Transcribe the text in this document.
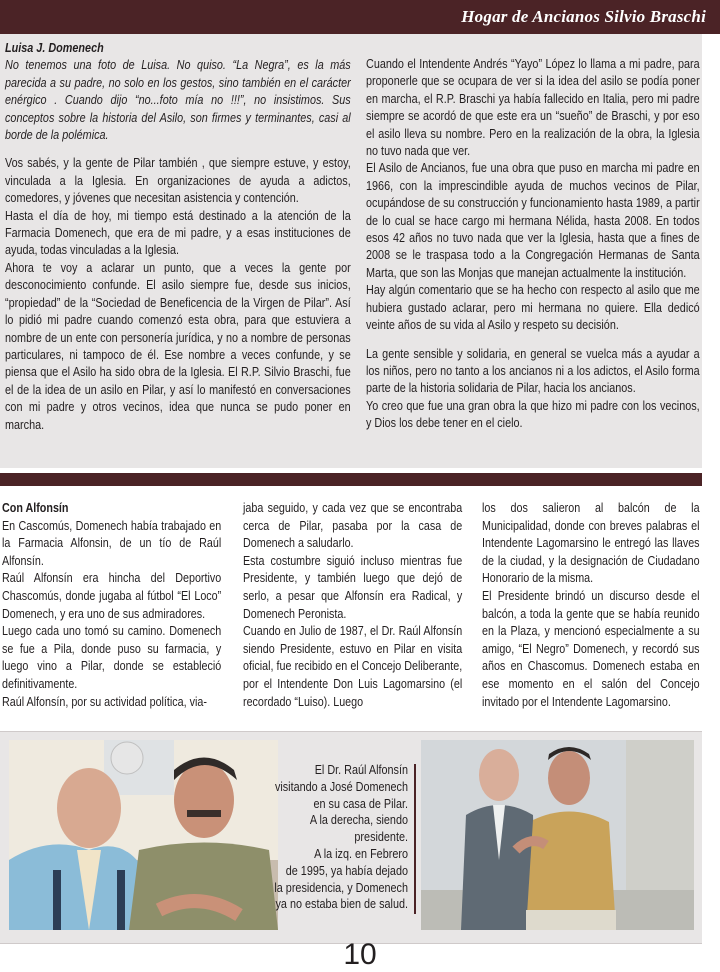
Hogar de Ancianos Silvio Braschi

Luisa J. Domenech

No tenemos una foto de Luisa. No quiso. “La Negra”, es la más parecida a su padre, no solo en los gestos, sino también en el carácter enérgico . Cuando dijo “no...foto mía no !!!”, no insistimos. Sus conceptos sobre la historia del Asilo, son firmes y terminantes, casi al borde de la polémica.

Vos sabés, y la gente de Pilar también , que siempre estuve, y estoy, vinculada a la Iglesia. En organizaciones de ayuda a adictos, comedores, y jóvenes que necesitan asistencia y contención.

Hasta el día de hoy, mi tiempo está destinado a la atención de la Farmacia Domenech, que era de mi padre, y a esas instituciones de ayuda, todas vinculadas a la Iglesia.

Ahora te voy a aclarar un punto, que a veces la gente por desconocimiento confunde. El asilo siempre fue, desde sus inicios, “propiedad” de la “Sociedad de Beneficencia de la Virgen de Pilar”. Así lo pidió mi padre cuando comenzó esta obra, para que estuviera a nombre de un ente con personería jurídica, y no a nombre de personas particulares, ni tampoco de él. Ese nombre a veces confunde, y se piensa que el Asilo ha sido obra de la Iglesia. El R.P. Silvio Braschi, fue el de la idea de un asilo en Pilar, y así lo manifestó en conversaciones con mi padre y otros vecinos, idea que nunca se pudo poner en marcha.

Cuando el Intendente Andrés “Yayo” López lo llama a mi padre, para proponerle que se ocupara de ver si la idea del asilo se podía poner en marcha, el R.P. Braschi ya había fallecido en Italia, pero mi padre siempre se acordó de que este era un “sueño” de Braschi, y por eso el asilo lleva su nombre. Pero en la realización de la obra, la Iglesia no tuvo nada que ver.

El Asilo de Ancianos, fue una obra que puso en marcha mi padre en 1966, con la imprescindible ayuda de muchos vecinos de Pilar, ocupándose de su construcción y funcionamiento hasta 1989, a partir de lo cual se hace cargo mi hermana Nélida, hasta 2008. En todos esos 42 años no tuvo nada que ver la Iglesia, hasta que a fines de 2008 se le traspasa todo a la Congregación Hermanas de Santa Marta, que son las Monjas que manejan actualmente la institución.

Hay algún comentario que se ha hecho con respecto al asilo que me hubiera gustado aclarar, pero mi hermana no quiere. Ella dedicó veinte años de su vida al Asilo y respeto su decisión.

La gente sensible y solidaria, en general se vuelca más a ayudar a los niños, pero no tanto a los ancianos ni a los adictos, el Asilo forma parte de la historia solidaria de Pilar, hacia los ancianos.

Yo creo que fue una gran obra la que hizo mi padre con los vecinos, y Dios los debe tener en el cielo.

Con Alfonsín

En Cascomús, Domenech había trabajado en la Farmacia Alfonsin, de un tío de Raúl Alfonsín.

Raúl Alfonsín era hincha del Deportivo Chascomús, donde jugaba al fútbol “El Loco” Domenech, y era uno de sus admiradores.

Luego cada uno tomó su camino. Domenech se fue a Pila, donde puso su farmacia, y luego vino a Pilar, donde se estableció definitivamente.

Raúl Alfonsín, por su actividad política, via-

jaba seguido, y cada vez que se encontraba cerca de Pilar, pasaba por la casa de Domenech a saludarlo.

Esta costumbre siguió incluso mientras fue Presidente, y también luego que dejó de serlo, a pesar que Alfonsín era Radical, y Domenech Peronista.

Cuando en Julio de 1987, el Dr. Raúl Alfonsín siendo Presidente, estuvo en Pilar en visita oficial, fue recibido en el Concejo Deliberante, por el Intendente Don Luis Lagomarsino (el recordado “Luiso). Luego

los dos salieron al balcón de la Municipalidad, donde con breves palabras el Intendente Lagomarsino le entregó las llaves de la ciudad, y la designación de Ciudadano Honorario de la misma.

El Presidente brindó un discurso desde el balcón, a toda la gente que se había reunido en la Plaza, y mencionó especialmente a su amigo, “El Negro” Domenech, y recordó sus años en Chascomus. Domenech estaba en ese momento en el salón del Concejo invitado por el Intendente Lagomarsino.

El Dr. Raúl Alfonsín
visitando a José Domenech
en su casa de Pilar.
A la derecha, siendo
presidente.
A la izq. en Febrero
de 1995, ya había dejado
la presidencia, y Domenech
ya no estaba bien de salud.
10
